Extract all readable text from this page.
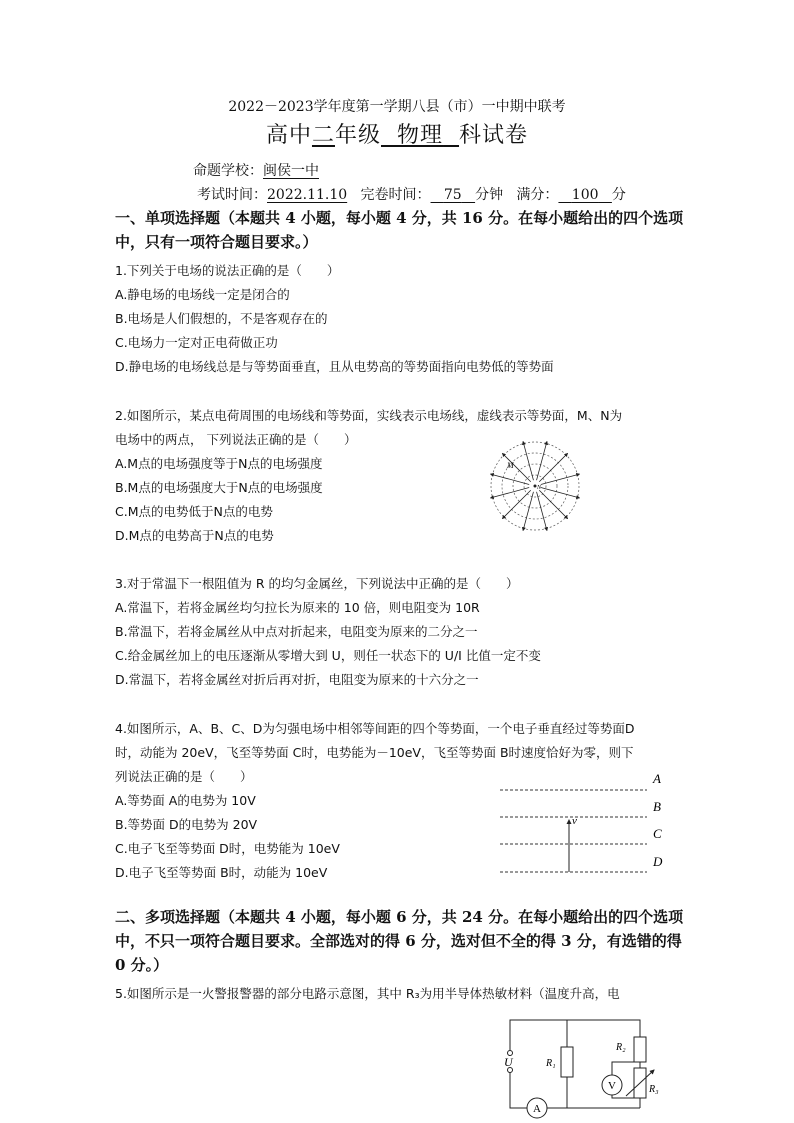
2022－2023学年度第一学期八县（市）一中期中联考
高中二年级 物理 科试卷
命题学校：闽侯一中
考试时间：2022.11.10 完卷时间： 75 分钟 满分： 100 分
一、单项选择题（本题共 4 小题，每小题 4 分，共 16 分。在每小题给出的四个选项中，只有一项符合题目要求。）
1.下列关于电场的说法正确的是（　　）
A.静电场的电场线一定是闭合的
B.电场是人们假想的，不是客观存在的
C.电场力一定对正电荷做正功
D.静电场的电场线总是与等势面垂直，且从电势高的等势面指向电势低的等势面
2.如图所示，某点电荷周围的电场线和等势面，实线表示电场线，虚线表示等势面，M、N为
电场中的两点， 下列说法正确的是（　　）
A.M点的电场强度等于N点的电场强度
B.M点的电场强度大于N点的电场强度
C.M点的电势低于N点的电势
D.M点的电势高于N点的电势
M
N
3.对于常温下一根阻值为 R 的均匀金属丝，下列说法中正确的是（　　）
A.常温下，若将金属丝均匀拉长为原来的 10 倍，则电阻变为 10R
B.常温下，若将金属丝从中点对折起来，电阻变为原来的二分之一
C.给金属丝加上的电压逐渐从零增大到 U，则任一状态下的 U/I 比值一定不变
D.常温下，若将金属丝对折后再对折，电阻变为原来的十六分之一
4.如图所示，A、B、C、D为匀强电场中相邻等间距的四个等势面，一个电子垂直经过等势面D
时，动能为 20eV，飞至等势面 C时，电势能为－10eV，飞至等势面 B时速度恰好为零，则下
列说法正确的是（　　）
A.等势面 A的电势为 10V
B.等势面 D的电势为 20V
C.电子飞至等势面 D时，电势能为 10eV
D.电子飞至等势面 B时，动能为 10eV
v
A
B
C
D
二、多项选择题（本题共 4 小题，每小题 6 分，共 24 分。在每小题给出的四个选项中，不只一项符合题目要求。全部选对的得 6 分，选对但不全的得 3 分，有选错的得 0 分。）
5.如图所示是一火警报警器的部分电路示意图，其中 R₃为用半导体热敏材料（温度升高，电
U	R₁
R₂
R₃
V
A
